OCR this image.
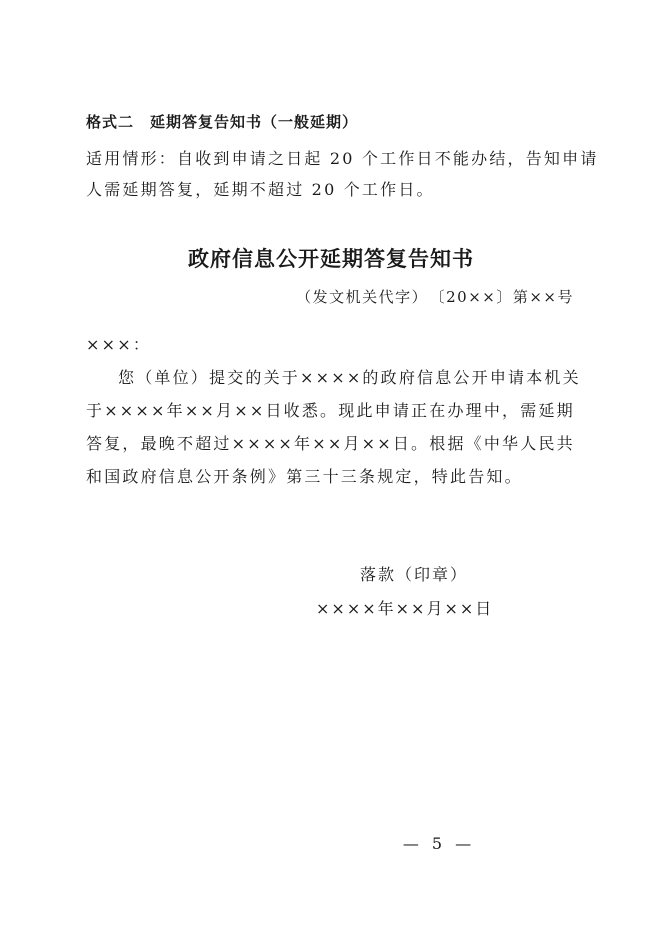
格式二　延期答复告知书（一般延期）
适用情形：自收到申请之日起 20 个工作日不能办结，告知申请
人需延期答复，延期不超过 20 个工作日。
政府信息公开延期答复告知书
（发文机关代字）　〔20××〕第××号
×××：
您（单位）提交的关于××××的政府信息公开申请本机关
于××××年××月××日收悉。现此申请正在办理中，需延期
答复，最晚不超过××××年××月××日。根据《中华人民共
和国政府信息公开条例》第三十三条规定，特此告知。
落款（印章）
××××年××月××日
— 5 —
